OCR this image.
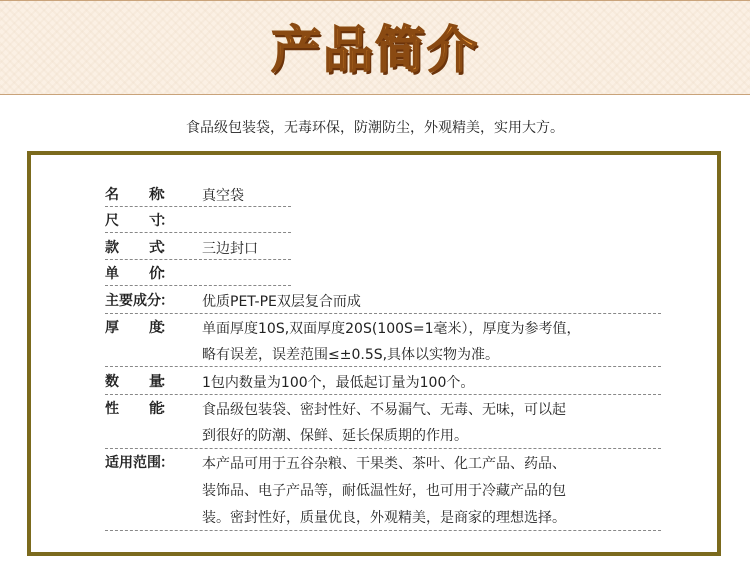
产品简介
食品级包装袋，无毒环保，防潮防尘，外观精美，实用大方。
名 称
： 真空袋
尺 寸
：
款 式
： 三边封口
单 价
：
主要成分 ： 优质PET-PE双层复合而成
厚 度
： 单面厚度10S,双面厚度20S(100S=1毫米），厚度为参考值，
略有误差，误差范围≤±0.5S,具体以实物为准。
数 量
： 1包内数量为100个，最低起订量为100个。
性 能
： 食品级包装袋、密封性好、不易漏气、无毒、无味，可以起
到很好的防潮、保鲜、延长保质期的作用。
适用范围 ： 本产品可用于五谷杂粮、干果类、茶叶、化工产品、药品、
装饰品、电子产品等，耐低温性好，也可用于冷藏产品的包
装。密封性好，质量优良，外观精美，是商家的理想选择。
